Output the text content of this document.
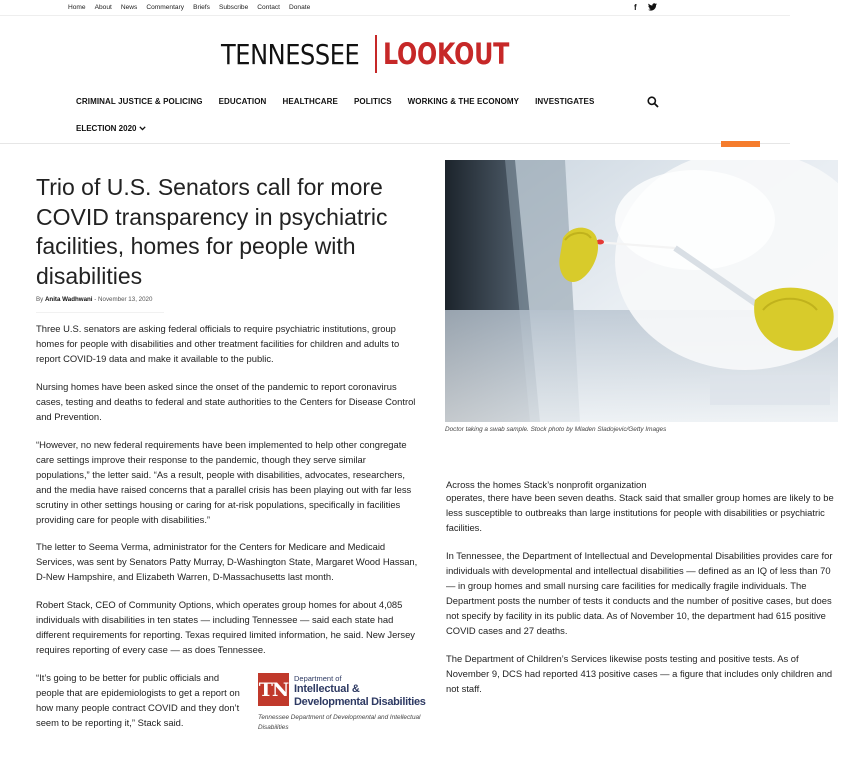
Home About News Commentary Briefs Subscribe Contact Donate	f
TENNESSEE LOOKOUT
CRIMINAL JUSTICE & POLICING EDUCATION HEALTHCARE POLITICS WORKING & THE ECONOMY INVESTIGATES
ELECTION 2020
Trio of U.S. Senators call for more COVID transparency in psychiatric facilities, homes for people with disabilities
By Anita Wadhwani - November 13, 2020

Three U.S. senators are asking federal officials to require psychiatric institutions, group homes for people with disabilities and other treatment facilities for children and adults to report COVID-19 data and make it available to the public.

Nursing homes have been asked since the onset of the pandemic to report coronavirus cases, testing and deaths to federal and state authorities to the Centers for Disease Control and Prevention.

“However, no new federal requirements have been implemented to help other congregate care settings improve their response to the pandemic, though they serve similar populations,” the letter said. “As a result, people with disabilities, advocates, researchers, and the media have raised concerns that a parallel crisis has been playing out with far less scrutiny in other settings housing or caring for at-risk populations, specifically in facilities providing care for people with disabilities.”

The letter to Seema Verma, administrator for the Centers for Medicare and Medicaid Services, was sent by Senators Patty Murray, D-Washington State, Margaret Wood Hassan, D-New Hampshire, and Elizabeth Warren, D-Massachusetts last month.

Robert Stack, CEO of Community Options, which operates group homes for about 4,085 individuals with disabilities in ten states — including Tennessee — said each state had different requirements for reporting. Texas required limited information, he said. New Jersey requires reporting of every case — as does Tennessee.

“It’s going to be better for public officials and people that are epidemiologists to get a report on how many people contract COVID and they don’t seem to be reporting it,” Stack said.

TN Department of
Intellectual &
Developmental Disabilities
Tennessee Department of Developmental and Intellectual Disabilities
Doctor taking a swab sample. Stock photo by Mladen Sladojevic/Getty Images

Across the homes Stack’s nonprofit organization

operates, there have been seven deaths. Stack said that smaller group homes are likely to be less susceptible to outbreaks than large institutions for people with disabilities or psychiatric facilities.

In Tennessee, the Department of Intellectual and Developmental Disabilities provides care for individuals with developmental and intellectual disabilities — defined as an IQ of less than 70 — in group homes and small nursing care facilities for medically fragile individuals. The Department posts the number of tests it conducts and the number of positive cases, but does not specify by facility in its public data. As of November 10, the department had 615 positive COVID cases and 27 deaths.

The Department of Children’s Services likewise posts testing and positive tests. As of November 9, DCS had reported 413 positive cases — a figure that includes only children and not staff.
